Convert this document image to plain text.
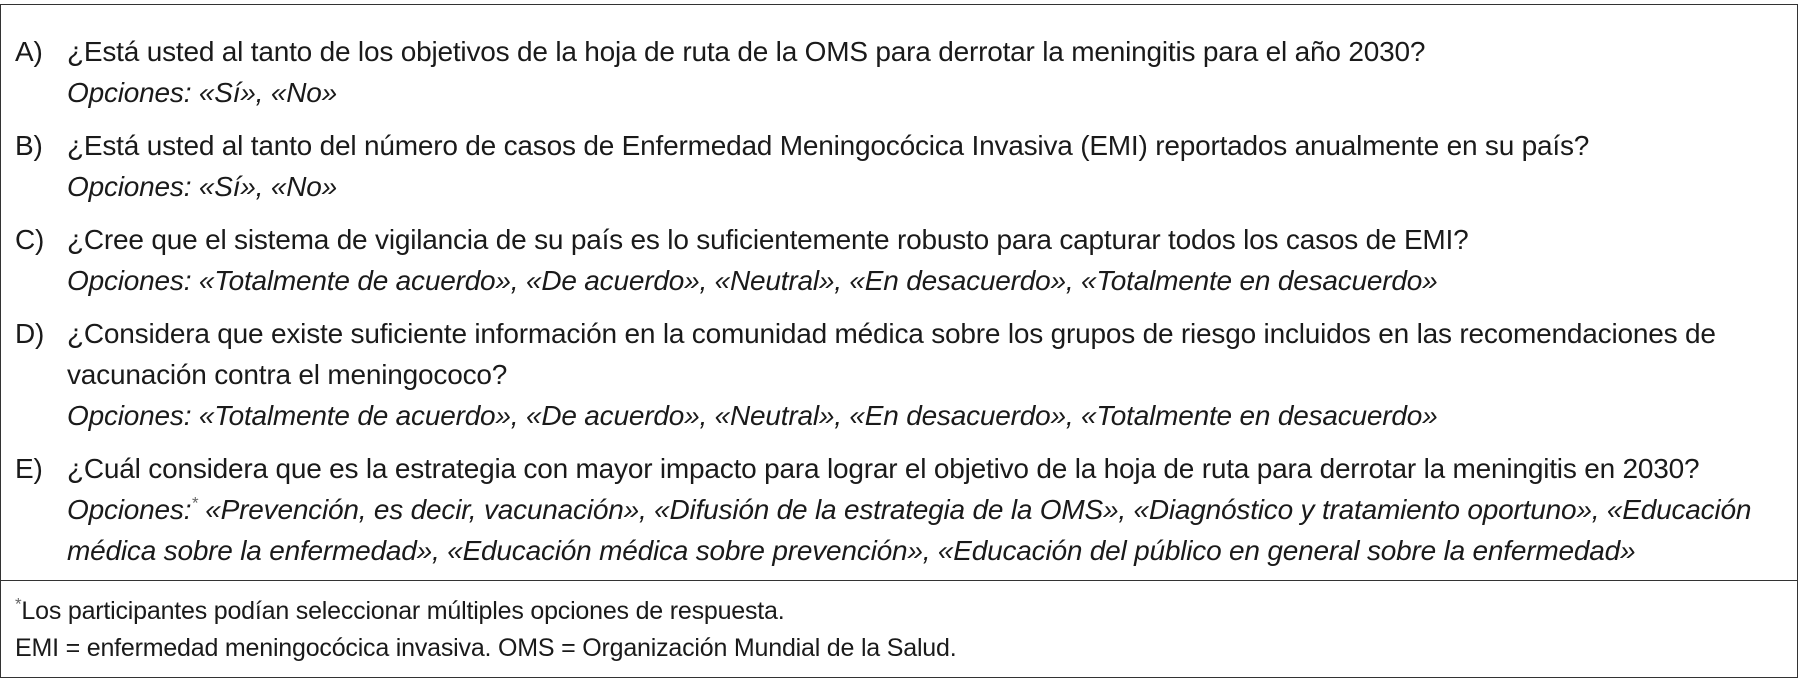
A) ¿Está usted al tanto de los objetivos de la hoja de ruta de la OMS para derrotar la meningitis para el año 2030?
Opciones: «Sí», «No»
B) ¿Está usted al tanto del número de casos de Enfermedad Meningocócica Invasiva (EMI) reportados anualmente en su país?
Opciones: «Sí», «No»
C) ¿Cree que el sistema de vigilancia de su país es lo suficientemente robusto para capturar todos los casos de EMI?
Opciones: «Totalmente de acuerdo», «De acuerdo», «Neutral», «En desacuerdo», «Totalmente en desacuerdo»
D) ¿Considera que existe suficiente información en la comunidad médica sobre los grupos de riesgo incluidos en las recomendaciones de vacunación contra el meningococo?
Opciones: «Totalmente de acuerdo», «De acuerdo», «Neutral», «En desacuerdo», «Totalmente en desacuerdo»
E) ¿Cuál considera que es la estrategia con mayor impacto para lograr el objetivo de la hoja de ruta para derrotar la meningitis en 2030?
Opciones:* «Prevención, es decir, vacunación», «Difusión de la estrategia de la OMS», «Diagnóstico y tratamiento oportuno», «Educación médica sobre la enfermedad», «Educación médica sobre prevención», «Educación del público en general sobre la enfermedad»
*Los participantes podían seleccionar múltiples opciones de respuesta.
EMI = enfermedad meningocócica invasiva. OMS = Organización Mundial de la Salud.
